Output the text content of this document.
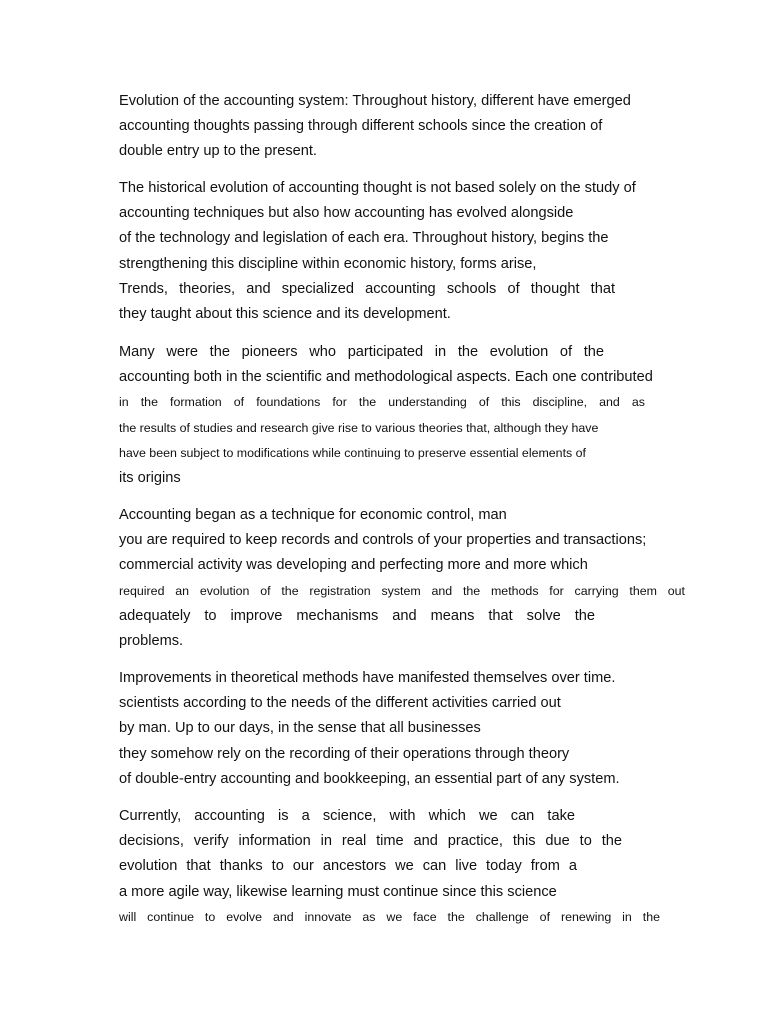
Evolution of the accounting system: Throughout history, different have emerged
accounting thoughts passing through different schools since the creation of
double entry up to the present.
The historical evolution of accounting thought is not based solely on the study of
accounting techniques but also how accounting has evolved alongside
of the technology and legislation of each era. Throughout history, begins the
strengthening this discipline within economic history, forms arise,
Trends, theories, and specialized accounting schools of thought that
they taught about this science and its development.
Many were the pioneers who participated in the evolution of the
accounting both in the scientific and methodological aspects. Each one contributed
in the formation of foundations for the understanding of this discipline, and as
the results of studies and research give rise to various theories that, although they have
have been subject to modifications while continuing to preserve essential elements of
its origins
Accounting began as a technique for economic control, man
you are required to keep records and controls of your properties and transactions;
commercial activity was developing and perfecting more and more which
required an evolution of the registration system and the methods for carrying them out
adequately to improve mechanisms and means that solve the
problems.
Improvements in theoretical methods have manifested themselves over time.
scientists according to the needs of the different activities carried out
by man. Up to our days, in the sense that all businesses
they somehow rely on the recording of their operations through theory
of double-entry accounting and bookkeeping, an essential part of any system.
Currently, accounting is a science, with which we can take
decisions, verify information in real time and practice, this due to the
evolution that thanks to our ancestors we can live today from a
a more agile way, likewise learning must continue since this science
will continue to evolve and innovate as we face the challenge of renewing in the
